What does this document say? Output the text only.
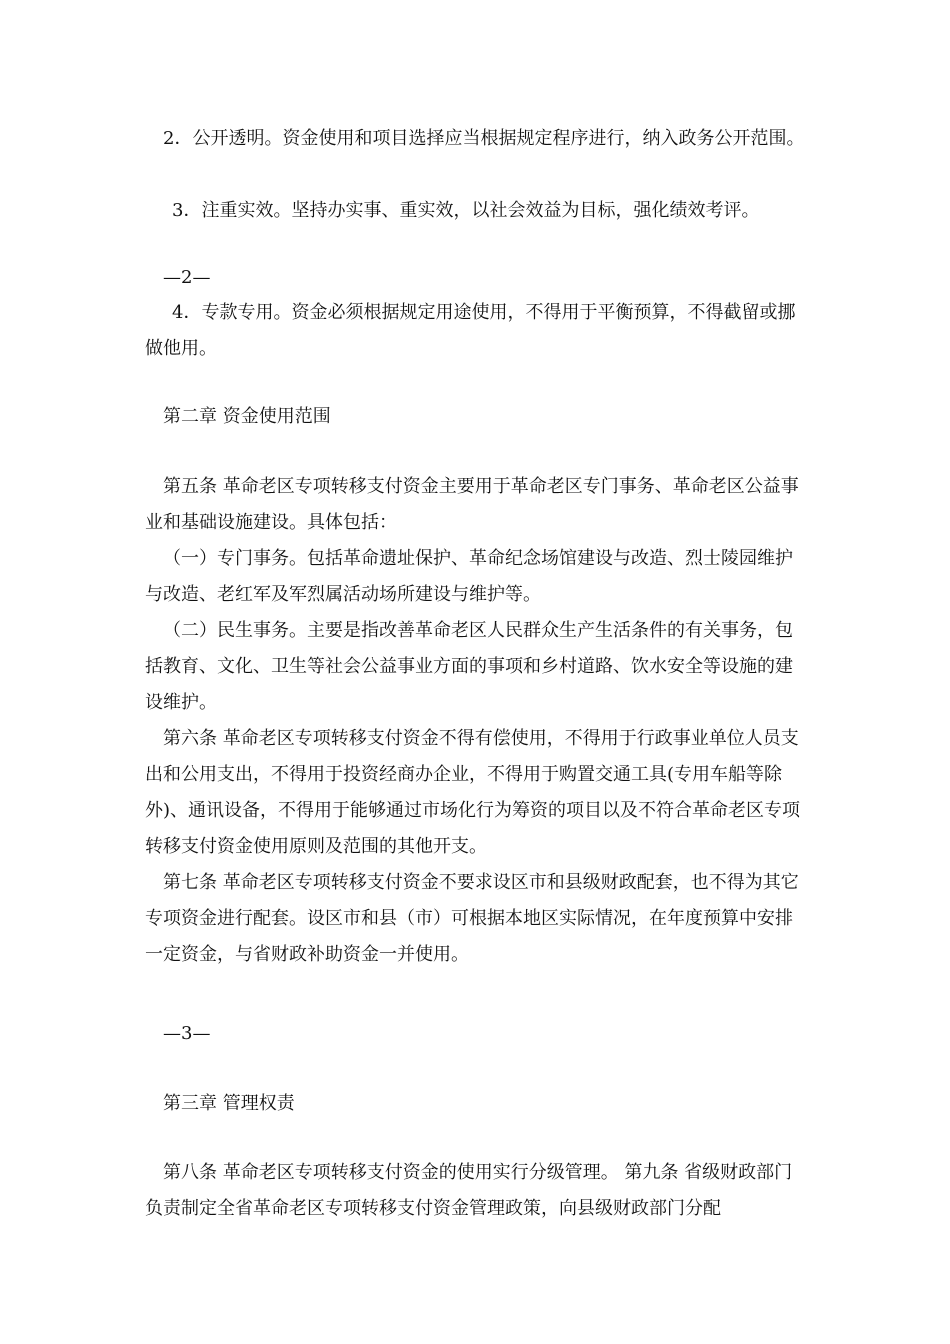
2．公开透明。资金使用和项目选择应当根据规定程序进行，纳入政务公开范围。

3．注重实效。坚持办实事、重实效，以社会效益为目标，强化绩效考评。

—2—

4．专款专用。资金必须根据规定用途使用，不得用于平衡预算，不得截留或挪做他用。

第二章 资金使用范围

第五条 革命老区专项转移支付资金主要用于革命老区专门事务、革命老区公益事业和基础设施建设。具体包括：

（一）专门事务。包括革命遗址保护、革命纪念场馆建设与改造、烈士陵园维护与改造、老红军及军烈属活动场所建设与维护等。

（二）民生事务。主要是指改善革命老区人民群众生产生活条件的有关事务，包括教育、文化、卫生等社会公益事业方面的事项和乡村道路、饮水安全等设施的建设维护。

第六条 革命老区专项转移支付资金不得有偿使用，不得用于行政事业单位人员支出和公用支出，不得用于投资经商办企业，不得用于购置交通工具(专用车船等除外)、通讯设备，不得用于能够通过市场化行为筹资的项目以及不符合革命老区专项转移支付资金使用原则及范围的其他开支。

第七条 革命老区专项转移支付资金不要求设区市和县级财政配套，也不得为其它专项资金进行配套。设区市和县（市）可根据本地区实际情况，在年度预算中安排一定资金，与省财政补助资金一并使用。

—3—

第三章 管理权责

第八条 革命老区专项转移支付资金的使用实行分级管理。 第九条 省级财政部门负责制定全省革命老区专项转移支付资金管理政策，向县级财政部门分配
